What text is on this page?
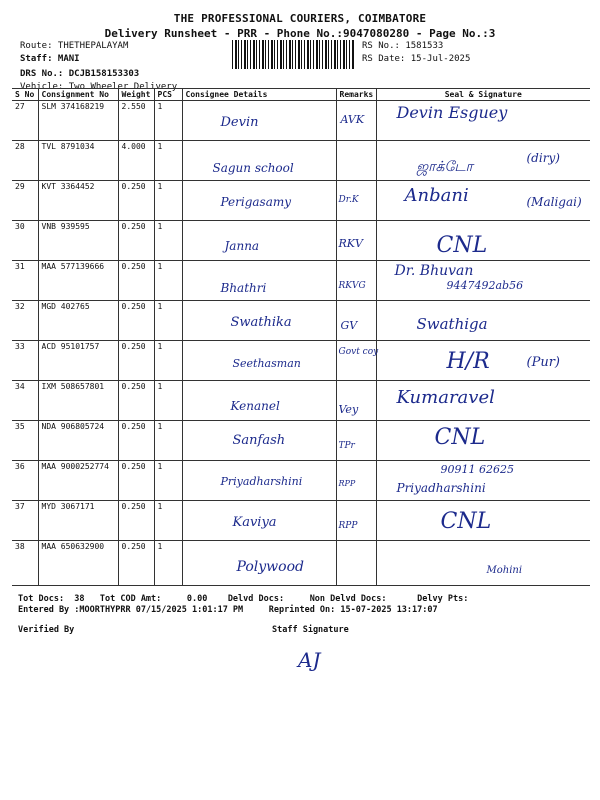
THE PROFESSIONAL COURIERS, COIMBATORE
Delivery Runsheet - PRR - Phone No.:9047080280 - Page No.:3
Route: THETHEPALAYAM
Staff: MANI
DRS No.: DCJB158153303
Vehicle: Two Wheeler Delivery
RS No.: 1581533
RS Date: 15-Jul-2025
S No	Consignment No	Weight	PCS	Consignee Details	Remarks	Seal & Signature
27	SLM 374168219	2.550	1	Devin	AVK	Devin Esguey

28	TVL 8791034	4.000	1	Sagun school		ஜாக்டோ
(diry)

29	KVT 3364452	0.250	1	Perigasamy	Dr.K	Anbani (Maligai)

30	VNB 939595	0.250	1	Janna	RKV	CNL

31	MAA 577139666	0.250	1	Bhathri	RKVG	Dr. Bhuvan
9447492ab56

32	MGD 402765	0.250	1	Swathika	GV	Swathiga

33	ACD 95101757	0.250	1	Seethasman	Govt coy	H/R (Pur)

34	IXM 508657801	0.250	1	Kenanel	Vey	Kumaravel

35	NDA 906805724	0.250	1	Sanfash	TPr	CNL

36	MAA 9000252774	0.250	1	Priyadharshini	RPP	Priyadharshini
90911 62625

37	MYD 3067171	0.250	1	Kaviya	RPP	CNL

38	MAA 650632900	0.250	1	Polywood		Mohini
Tot Docs:  38   Tot COD Amt:     0.00    Delvd Docs:     Non Delvd Docs:      Delvy Pts:
Entered By :MOORTHYPRR 07/15/2025 1:01:17 PM     Reprinted On: 15-07-2025 13:17:07
Verified By	Staff Signature
AJ
